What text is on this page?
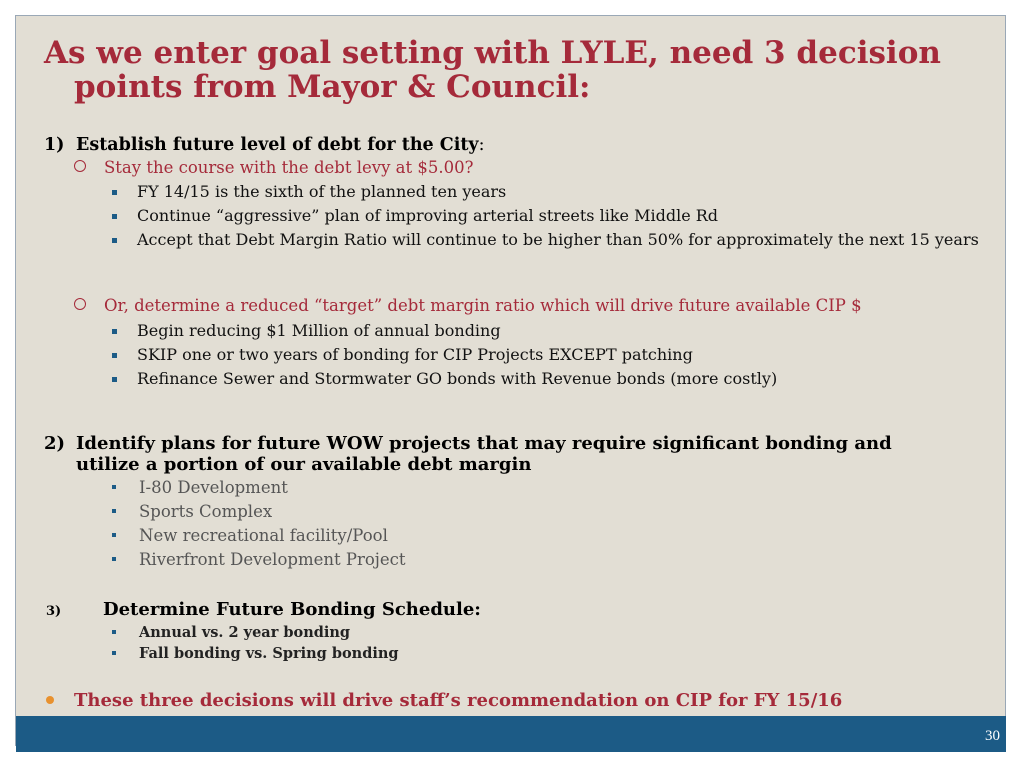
As we enter goal setting with LYLE, need 3 decision
points from Mayor & Council:
1) Establish future level of debt for the City:
Stay the course with the debt levy at $5.00?
FY 14/15 is the sixth of the planned ten years
Continue “aggressive” plan of improving arterial streets like Middle Rd
Accept that Debt Margin Ratio will continue to be higher than 50% for approximately the next 15 years
Or, determine a reduced “target” debt margin ratio which will drive future available CIP $
Begin reducing $1 Million of annual bonding
SKIP one or two years of bonding for CIP Projects EXCEPT patching
Refinance Sewer and Stormwater GO bonds with Revenue bonds (more costly)
2) Identify plans for future WOW projects that may require significant bonding and
utilize a portion of our available debt margin
I-80 Development
Sports Complex
New recreational facility/Pool
Riverfront Development Project
3) Determine Future Bonding Schedule:
Annual vs. 2 year bonding
Fall bonding vs. Spring bonding
These three decisions will drive staff’s recommendation on CIP for FY 15/16
30
